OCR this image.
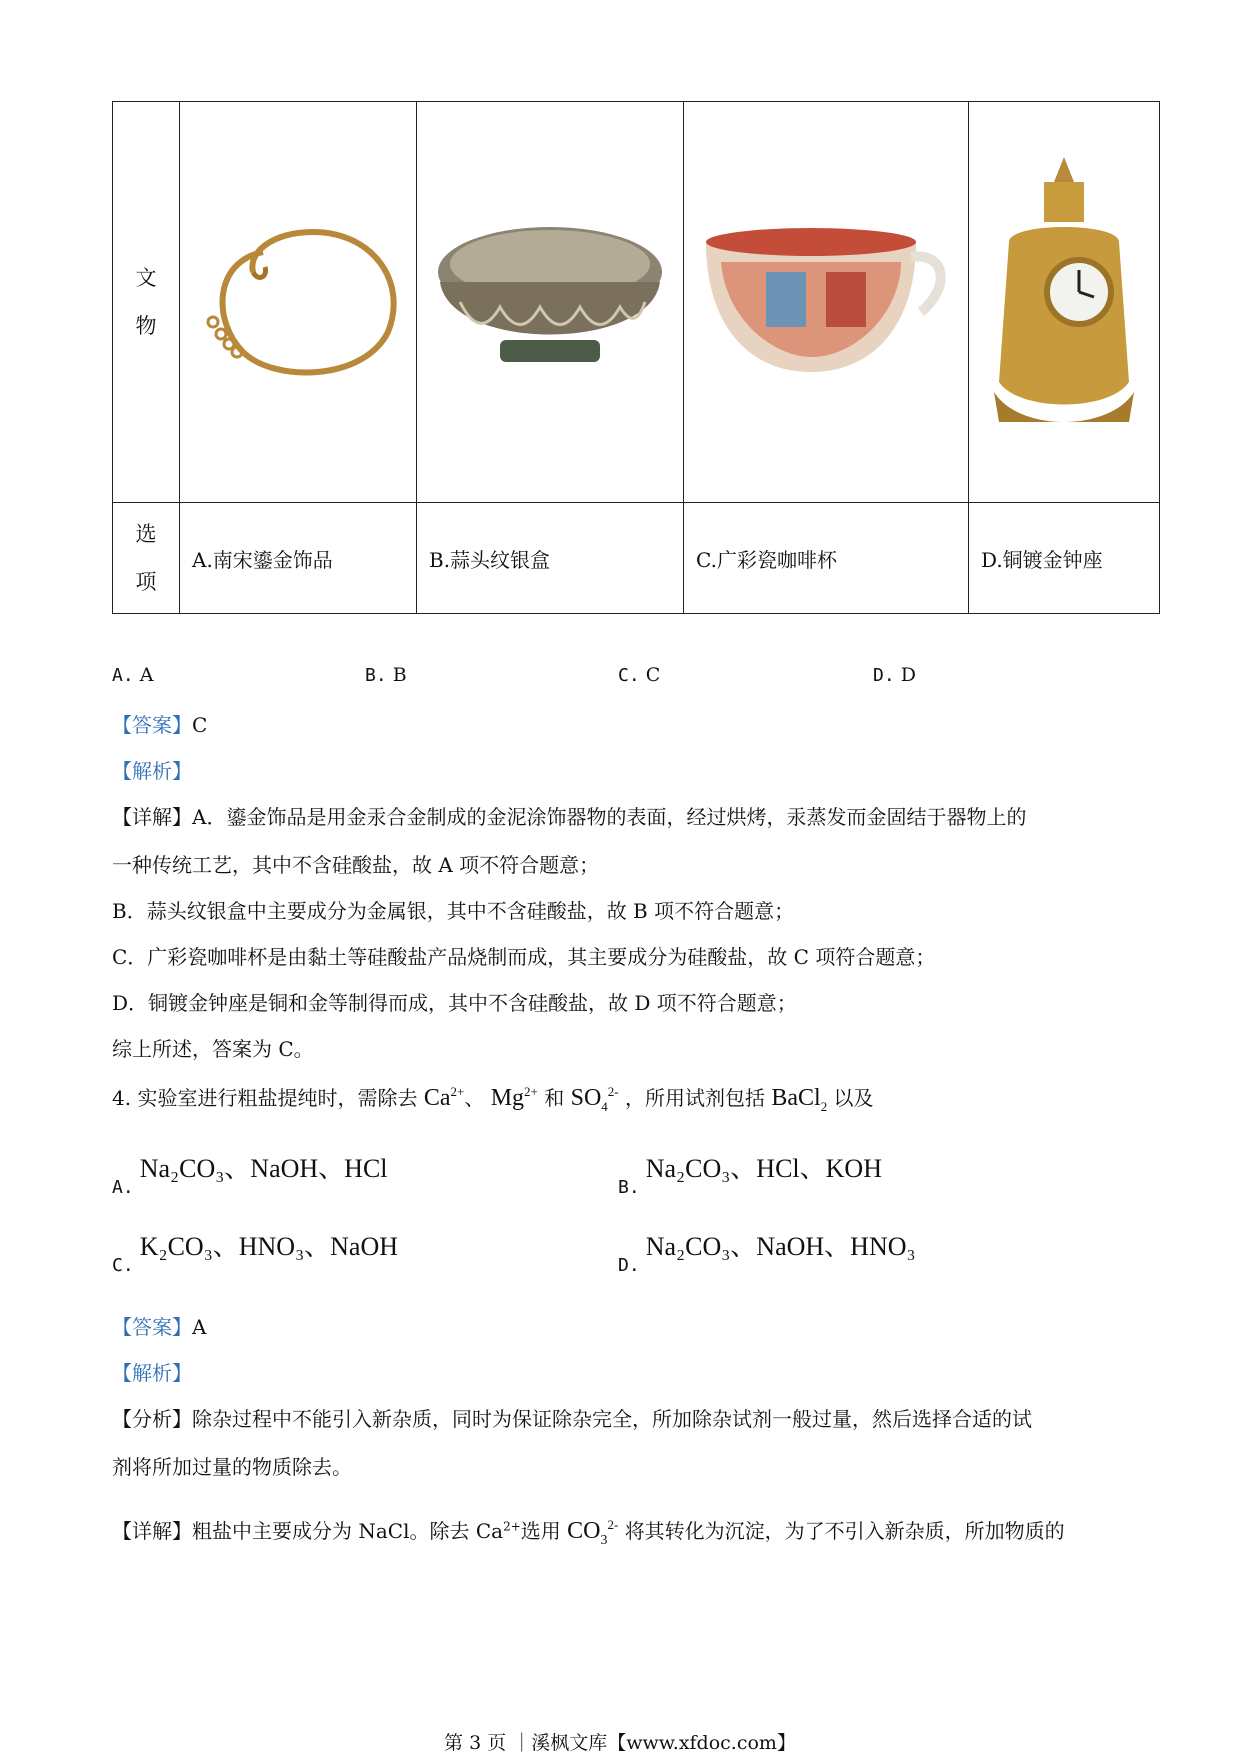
文
物

选
项	A.南宋鎏金饰品	B.蒜头纹银盒	C.广彩瓷咖啡杯	D.铜镀金钟座
A. A	B. B	C. C	D. D
【答案】C
【解析】
【详解】A．鎏金饰品是用金汞合金制成的金泥涂饰器物的表面，经过烘烤，汞蒸发而金固结于器物上的
一种传统工艺，其中不含硅酸盐，故 A 项不符合题意；
B．蒜头纹银盒中主要成分为金属银，其中不含硅酸盐，故 B 项不符合题意；
C．广彩瓷咖啡杯是由黏土等硅酸盐产品烧制而成，其主要成分为硅酸盐，故 C 项符合题意；
D．铜镀金钟座是铜和金等制得而成，其中不含硅酸盐，故 D 项不符合题意；
综上所述，答案为 C。
4. 实验室进行粗盐提纯时，需除去 $Ca^{2+}$、 $Mg^{2+}$ 和 $SO_4^{2-}$ ，所用试剂包括 BaCl$_2$ 以及
A. Na₂CO₃、NaOH、HCl
B. Na₂CO₃、HCl、KOH
C. K₂CO₃、HNO₃、NaOH
D. Na₂CO₃、NaOH、HNO₃
【答案】A
【解析】
【分析】除杂过程中不能引入新杂质，同时为保证除杂完全，所加除杂试剂一般过量，然后选择合适的试
剂将所加过量的物质除去。
【详解】粗盐中主要成分为 NaCl。除去 $Ca^{2+}$选用 $CO_3^{2-}$ 将其转化为沉淀，为了不引入新杂质，所加物质的
第 3 页 ｜溪枫文库【www.xfdoc.com】
